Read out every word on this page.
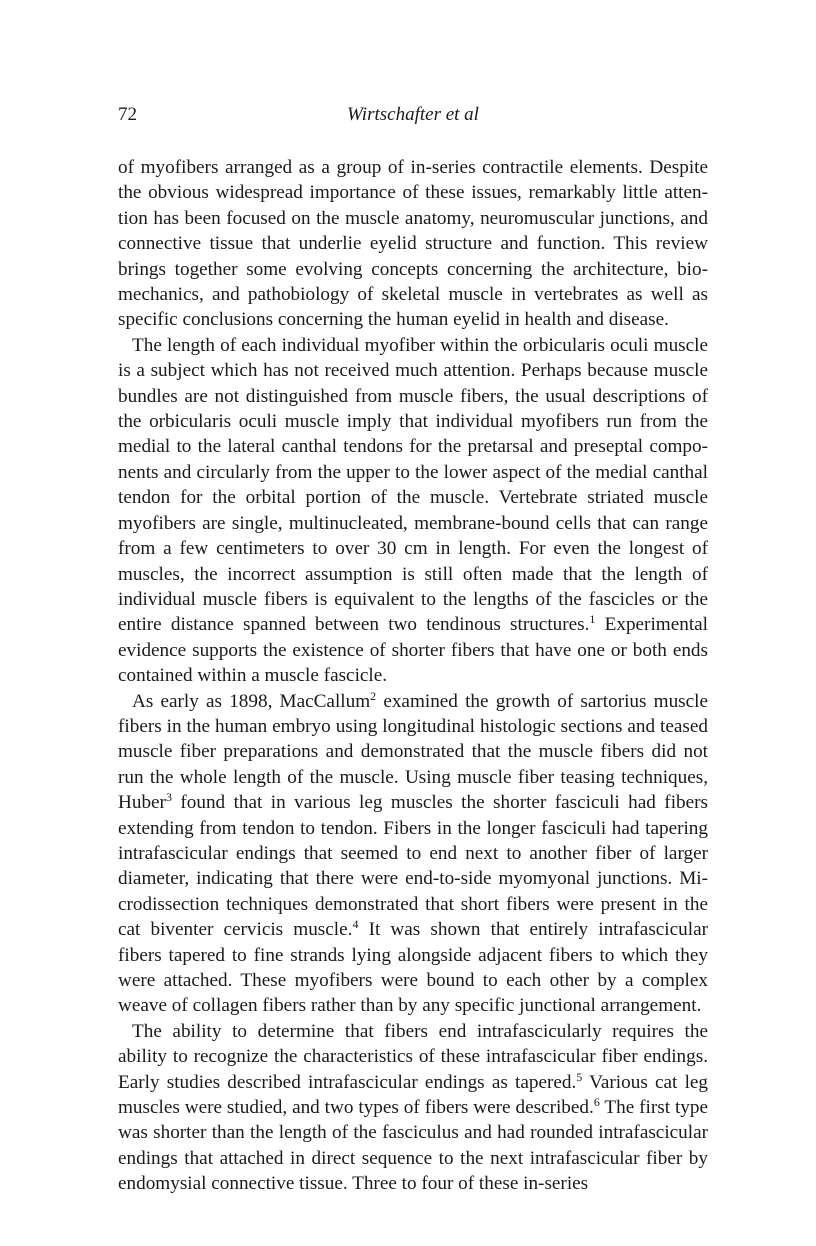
72	Wirtschafter et al

of myofibers arranged as a group of in-series contractile elements. Despite the obvious widespread importance of these issues, remarkably little attention has been focused on the muscle anatomy, neuromuscular junctions, and connective tissue that underlie eyelid structure and function. This review brings together some evolving concepts concerning the architecture, biomechanics, and pathobiology of skeletal muscle in vertebrates as well as specific conclusions concerning the human eyelid in health and disease.

The length of each individual myofiber within the orbicularis oculi muscle is a subject which has not received much attention. Perhaps because muscle bundles are not distinguished from muscle fibers, the usual descriptions of the orbicularis oculi muscle imply that individual myofibers run from the medial to the lateral canthal tendons for the pretarsal and preseptal components and circularly from the upper to the lower aspect of the medial canthal tendon for the orbital portion of the muscle. Vertebrate striated muscle myofibers are single, multinucleated, membrane-bound cells that can range from a few centimeters to over 30 cm in length. For even the longest of muscles, the incorrect assumption is still often made that the length of individual muscle fibers is equivalent to the lengths of the fascicles or the entire distance spanned between two tendinous structures.$^1$ Experimental evidence supports the existence of shorter fibers that have one or both ends contained within a muscle fascicle.

As early as 1898, MacCallum$^2$ examined the growth of sartorius muscle fibers in the human embryo using longitudinal histologic sections and teased muscle fiber preparations and demonstrated that the muscle fibers did not run the whole length of the muscle. Using muscle fiber teasing techniques, Huber$^3$ found that in various leg muscles the shorter fasciculi had fibers extending from tendon to tendon. Fibers in the longer fasciculi had tapering intrafascicular endings that seemed to end next to another fiber of larger diameter, indicating that there were end-to-side myomyonal junctions. Microdissection techniques demonstrated that short fibers were present in the cat biventer cervicis muscle.$^4$ It was shown that entirely intrafascicular fibers tapered to fine strands lying alongside adjacent fibers to which they were attached. These myofibers were bound to each other by a complex weave of collagen fibers rather than by any specific junctional arrangement.

The ability to determine that fibers end intrafascicularly requires the ability to recognize the characteristics of these intrafascicular fiber endings. Early studies described intrafascicular endings as tapered.$^5$ Various cat leg muscles were studied, and two types of fibers were described.$^6$ The first type was shorter than the length of the fasciculus and had rounded intrafascicular endings that attached in direct sequence to the next intrafascicular fiber by endomysial connective tissue. Three to four of these in-series
